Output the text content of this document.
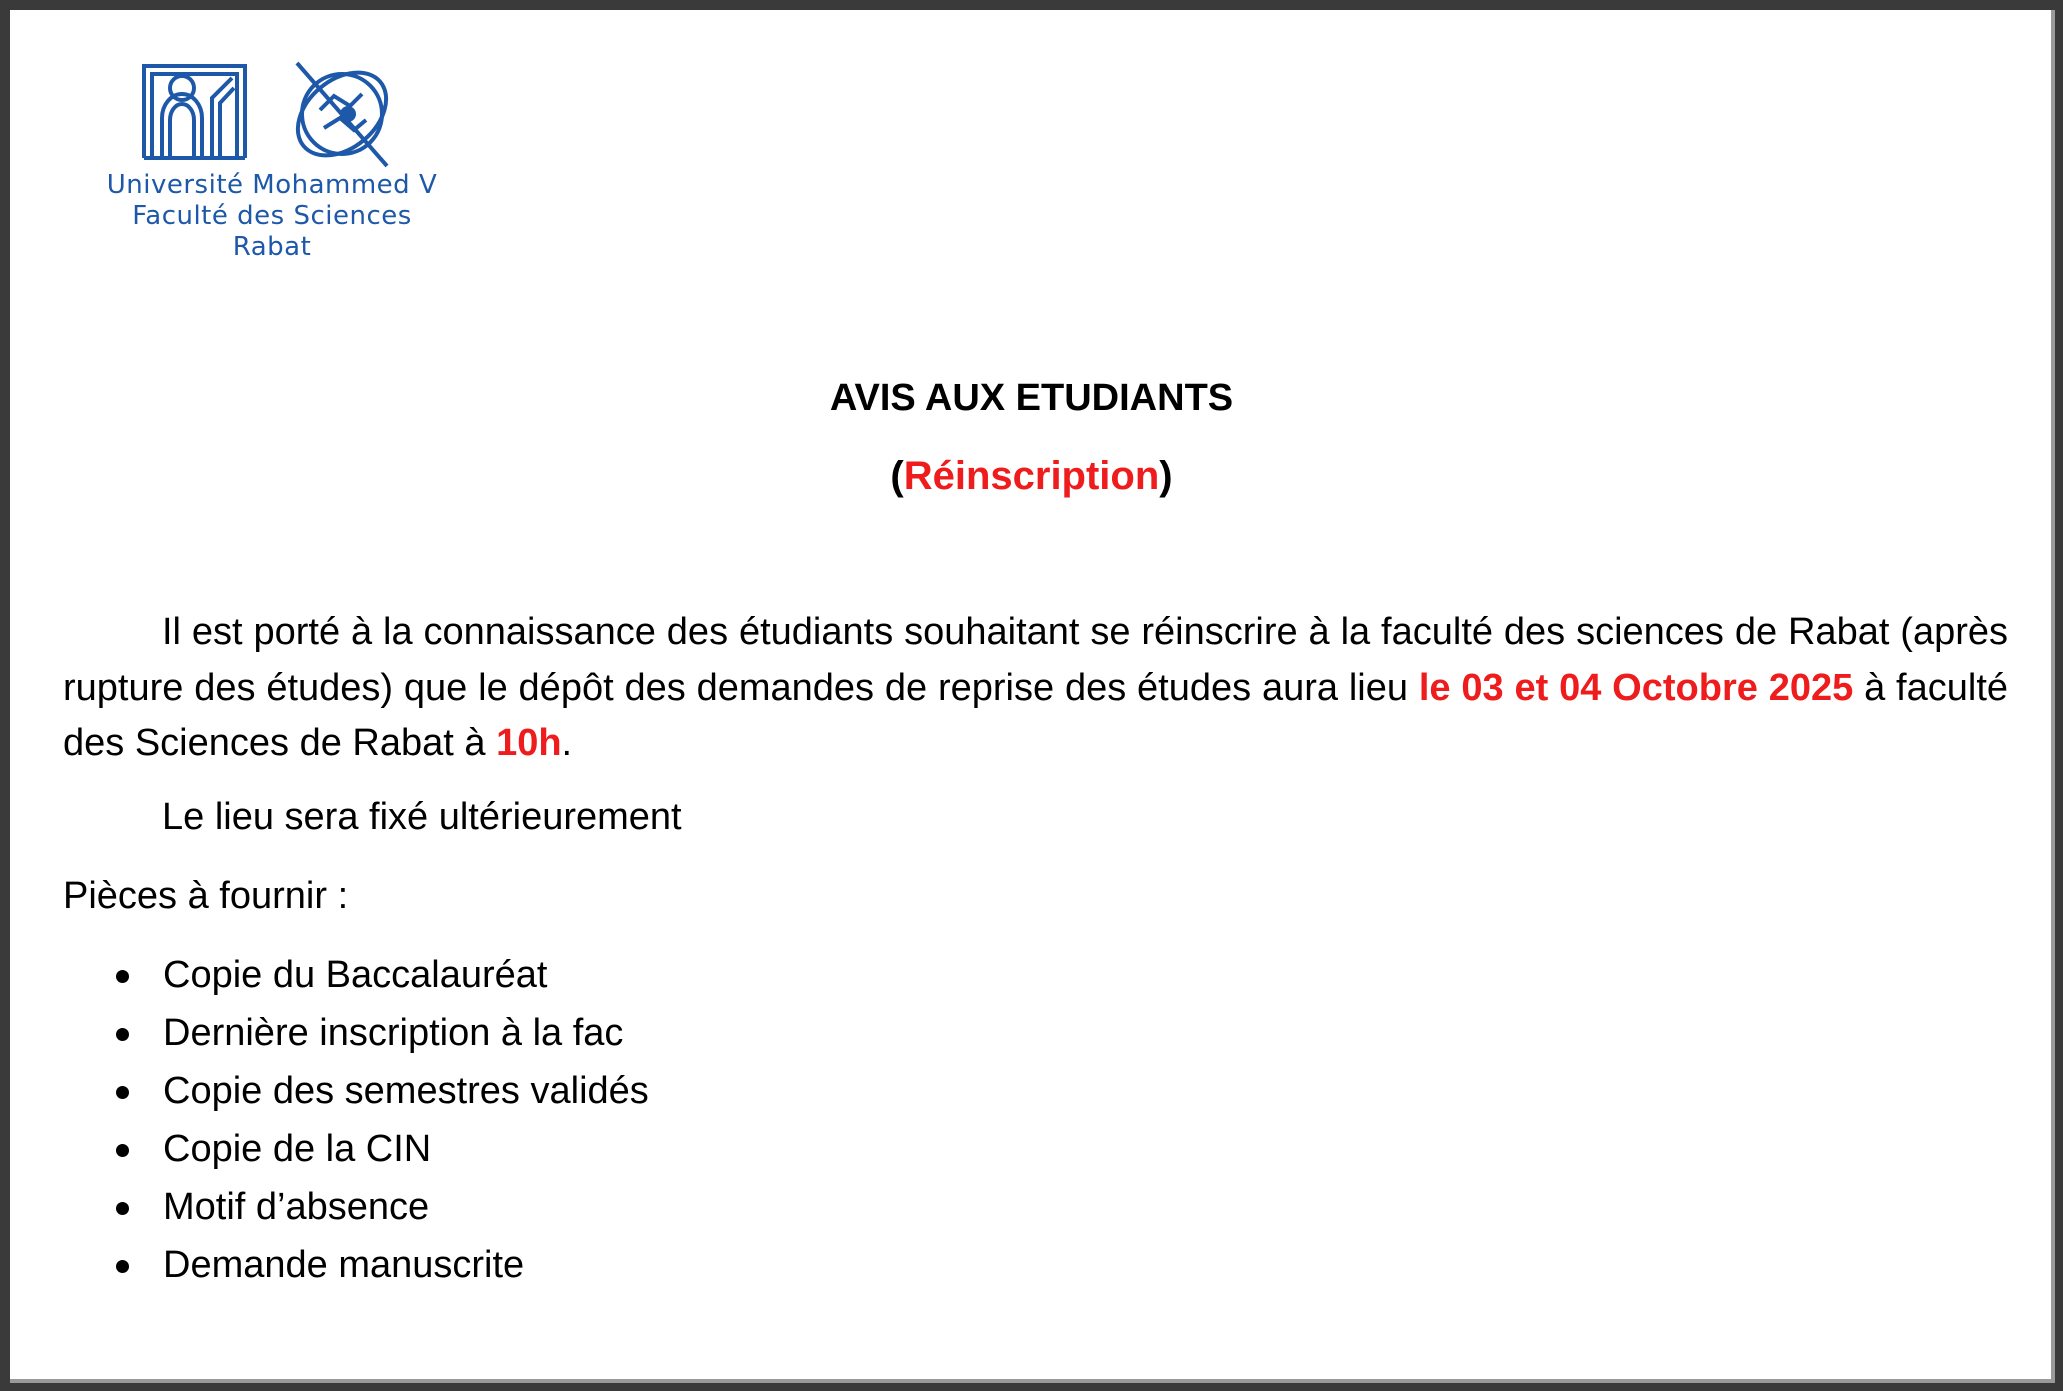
Université Mohammed V
Faculté des Sciences
Rabat
AVIS AUX ETUDIANTS
(Réinscription)
Il est porté à la connaissance des étudiants souhaitant se réinscrire à la faculté des sciences de Rabat (après rupture des études) que le dépôt des demandes de reprise des études aura lieu le 03 et 04 Octobre 2025 à faculté des Sciences de Rabat à 10h.
Le lieu sera fixé ultérieurement
Pièces à fournir :
Copie du Baccalauréat
Dernière inscription à la fac
Copie des semestres validés
Copie de la CIN
Motif d’absence
Demande manuscrite
